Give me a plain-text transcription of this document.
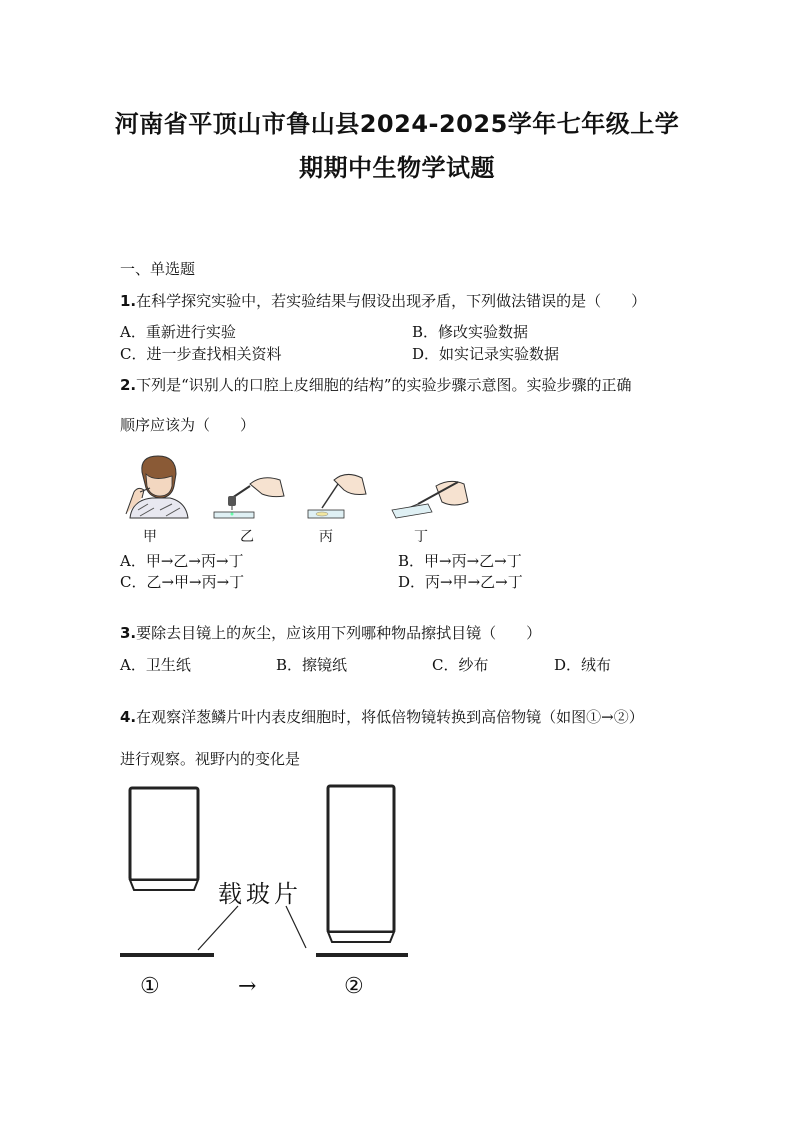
河南省平顶山市鲁山县2024-2025学年七年级上学
期期中生物学试题
一、单选题
1.在科学探究实验中，若实验结果与假设出现矛盾，下列做法错误的是（　　）
A．重新进行实验	B．修改实验数据
C．进一步查找相关资料	D．如实记录实验数据
2.下列是“识别人的口腔上皮细胞的结构”的实验步骤示意图。实验步骤的正确
顺序应该为（　　）
甲	乙	丙	丁
A．甲→乙→丙→丁	B．甲→丙→乙→丁
C．乙→甲→丙→丁	D．丙→甲→乙→丁
3.要除去目镜上的灰尘，应该用下列哪种物品擦拭目镜（　　）
A．卫生纸	B．擦镜纸	C．纱布	D．绒布
4.在观察洋葱鳞片叶内表皮细胞时，将低倍物镜转换到高倍物镜（如图①→②）
进行观察。视野内的变化是
载玻片
①	→	②
